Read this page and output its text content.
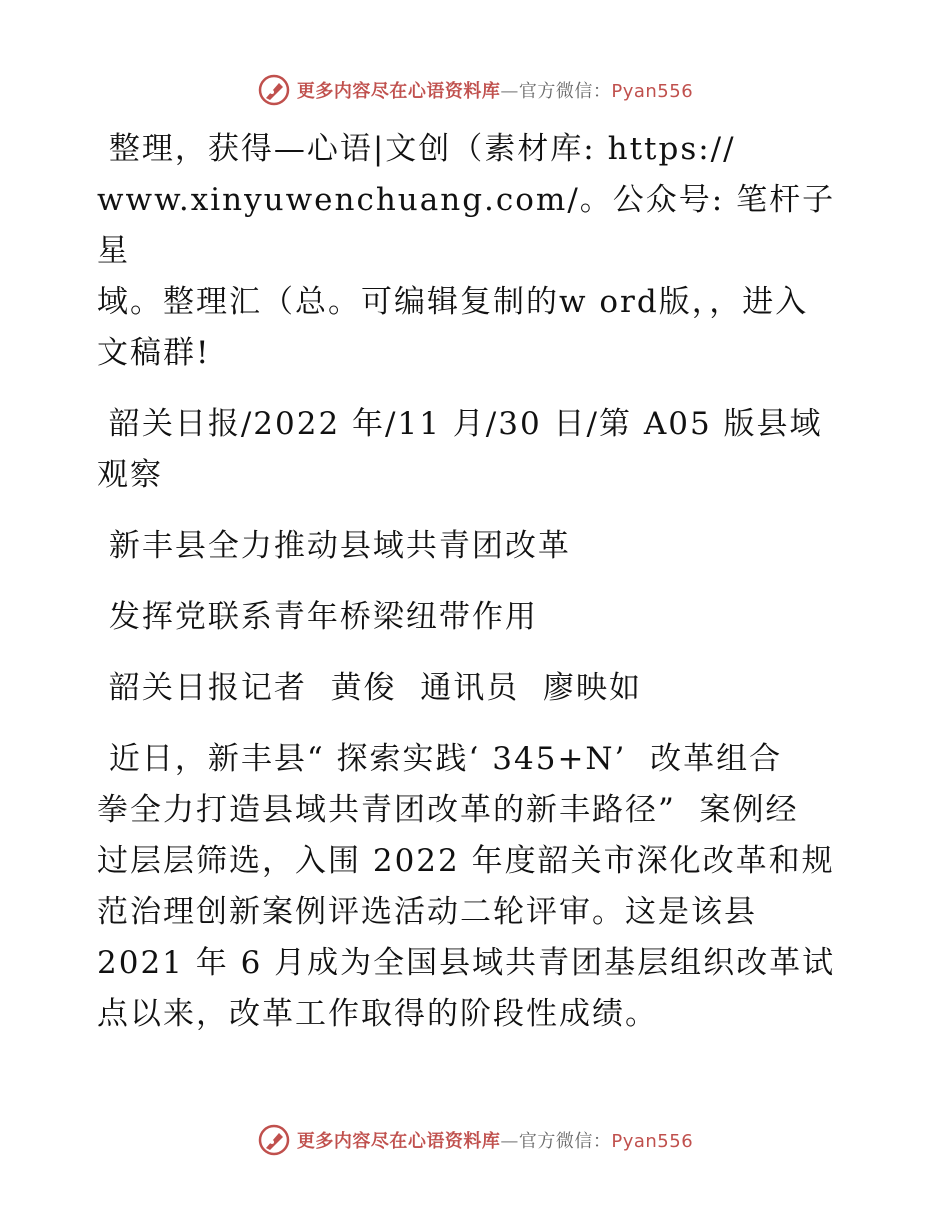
更多内容尽在心语资料库—官方微信：Pyan556

整理，获得—心语|文创（素材库: https://
www.xinyuwenchuang.com/。公众号: 笔杆子星
域。整理汇（总。可编辑复制的w ord版，，进入
文稿群!

韶关日报/2022 年/11 月/30 日/第 A05 版县域
观察

新丰县全力推动县域共青团改革

发挥党联系青年桥梁纽带作用

韶关日报记者  黄俊  通讯员  廖映如

近日，新丰县“ 探索实践‘ 345+N’  改革组合
拳全力打造县域共青团改革的新丰路径”  案例经
过层层筛选，入围 2022 年度韶关市深化改革和规
范治理创新案例评选活动二轮评审。这是该县
2021 年 6 月成为全国县域共青团基层组织改革试
点以来，改革工作取得的阶段性成绩。

更多内容尽在心语资料库—官方微信：Pyan556
